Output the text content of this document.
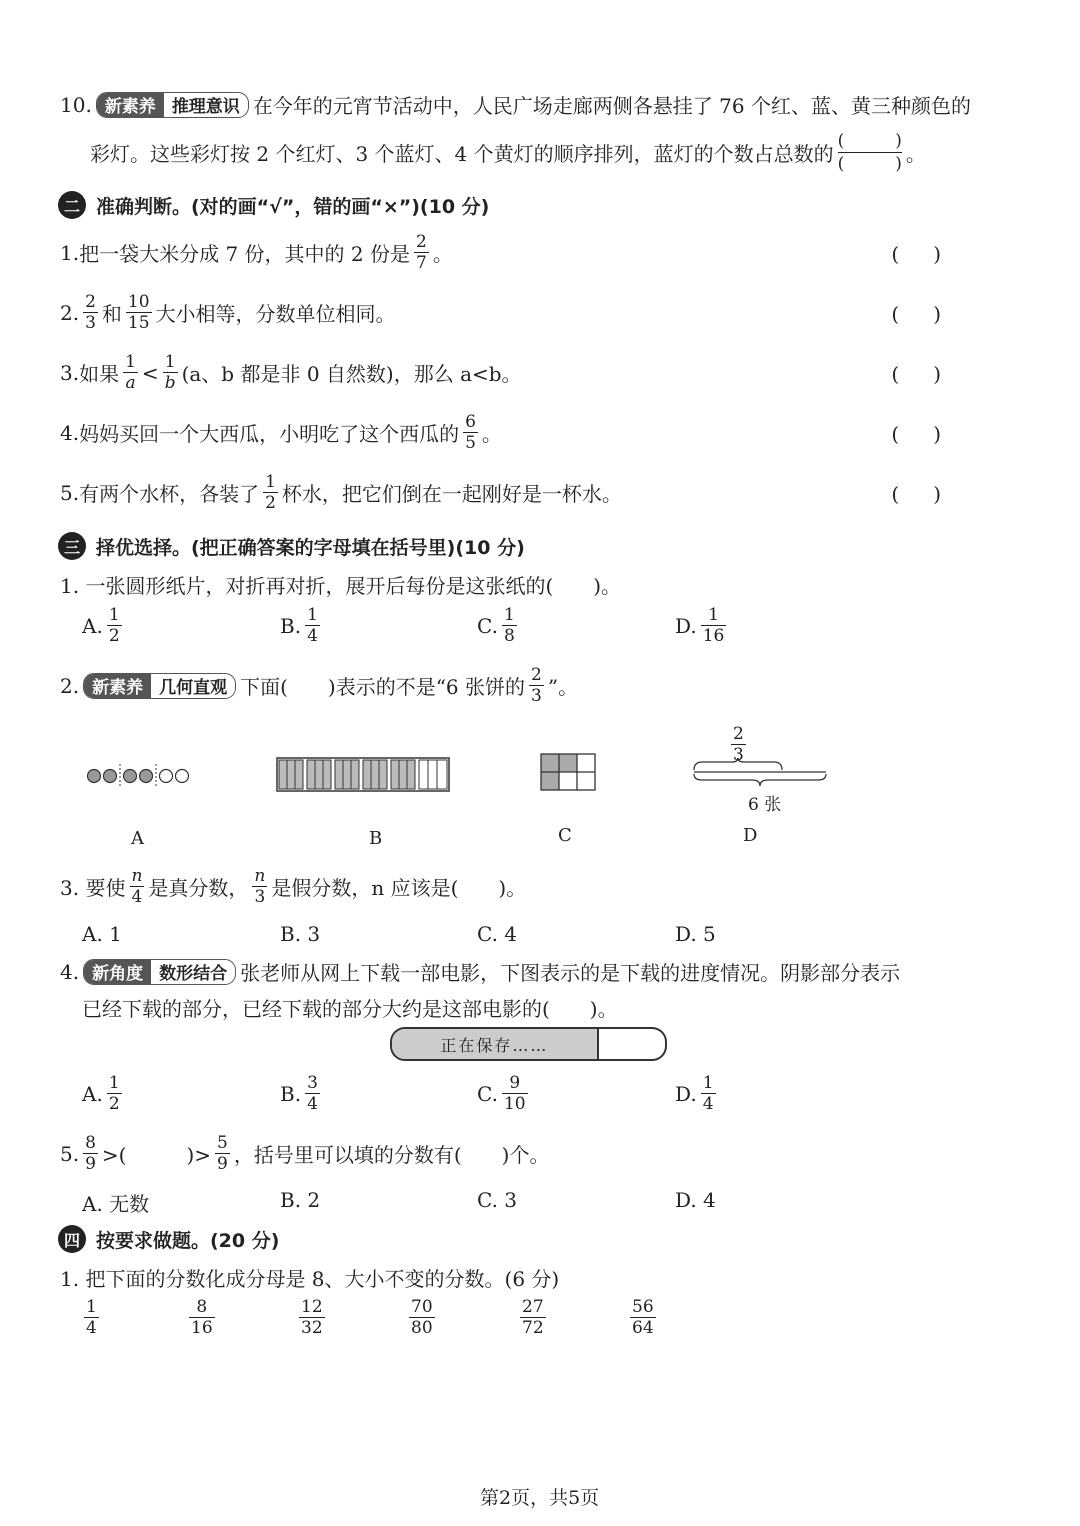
10. 新素养 推理意识 在今年的元宵节活动中，人民广场走廊两侧各悬挂了 76 个红、蓝、黄三种颜色的
彩灯。这些彩灯按 2 个红灯、3 个蓝灯、4 个黄灯的顺序排列，蓝灯的个数占总数的 $\frac{( )}{( )}$ 。
二 准确判断。(对的画“√”，错的画“×”)(10 分)
1. 把一袋大米分成 7 份，其中的 2 份是 $\frac{2}{7}$ 。	()
2. $\frac{2}{3}$ 和 $\frac{10}{15}$ 大小相等，分数单位相同。	()
3. 如果 $\frac{1}{a} < \frac{1}{b} (a$、b 都是非 0 自然数)，那么 a<b。	()
4. 妈妈买回一个大西瓜，小明吃了这个西瓜的 $\frac{6}{5}$ 。	()
5. 有两个水杯，各装了 $\frac{1}{2}$ 杯水，把它们倒在一起刚好是一杯水。	()
三 择优选择。(把正确答案的字母填在括号里)(10 分)
1. 一张圆形纸片，对折再对折，展开后每份是这张纸的(　　)。
A. $\frac{1}{2}$	B. $\frac{1}{4}$	C. $\frac{1}{8}$	D. $\frac{1}{16}$
2. 新素养 几何直观 下面(　　)表示的不是“6 张饼的 $\frac{2}{3}$ ”。
$\frac{2}{3}$
6 张
A	B	C	D
3. 要使 $\frac{n}{4}$ 是真分数， $\frac{n}{3}$ 是假分数，n 应该是(　　)。
A. 1	B. 3	C. 4	D. 5
4. 新角度 数形结合 张老师从网上下载一部电影，下图表示的是下载的进度情况。阴影部分表示
已经下载的部分，已经下载的部分大约是这部电影的(　　)。
正在保存……
A. $\frac{1}{2}$	B. $\frac{3}{4}$	C. $\frac{9}{10}$	D. $\frac{1}{4}$
5. $\frac{8}{9}$ >(　　　)> $\frac{5}{9}$ ，括号里可以填的分数有(　　)个。
A. 无数	B. 2	C. 3	D. 4
四 按要求做题。(20 分)
1. 把下面的分数化成分母是 8、大小不变的分数。(6 分)
$\frac{1}{4}$	$\frac{8}{16}$	$\frac{12}{32}$	$\frac{70}{80}$	$\frac{27}{72}$	$\frac{56}{64}$
第2页，共5页
